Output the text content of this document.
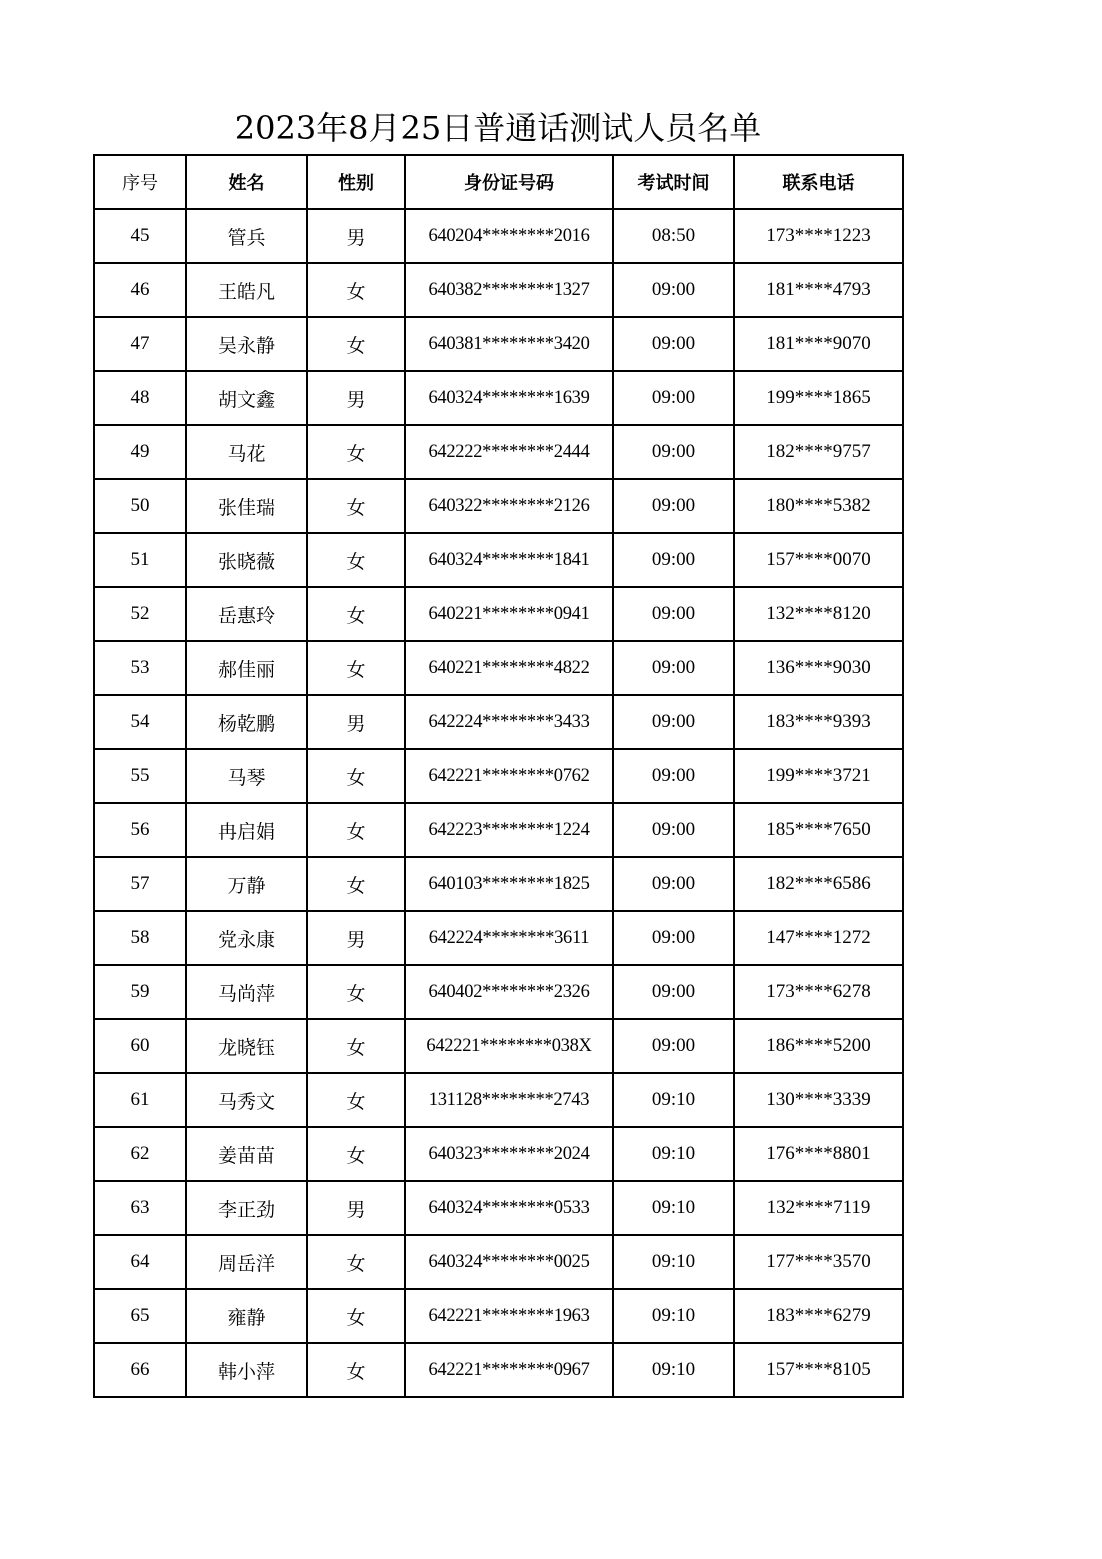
2023年8月25日普通话测试人员名单
序号	姓名	性别	身份证号码	考试时间	联系电话
45	管兵	男	640204********2016	08:50	173****1223
46	王皓凡	女	640382********1327	09:00	181****4793
47	吴永静	女	640381********3420	09:00	181****9070
48	胡文鑫	男	640324********1639	09:00	199****1865
49	马花	女	642222********2444	09:00	182****9757
50	张佳瑞	女	640322********2126	09:00	180****5382
51	张晓薇	女	640324********1841	09:00	157****0070
52	岳惠玲	女	640221********0941	09:00	132****8120
53	郝佳丽	女	640221********4822	09:00	136****9030
54	杨乾鹏	男	642224********3433	09:00	183****9393
55	马琴	女	642221********0762	09:00	199****3721
56	冉启娟	女	642223********1224	09:00	185****7650
57	万静	女	640103********1825	09:00	182****6586
58	党永康	男	642224********3611	09:00	147****1272
59	马尚萍	女	640402********2326	09:00	173****6278
60	龙晓钰	女	642221********038X	09:00	186****5200
61	马秀文	女	131128********2743	09:10	130****3339
62	姜苗苗	女	640323********2024	09:10	176****8801
63	李正劲	男	640324********0533	09:10	132****7119
64	周岳洋	女	640324********0025	09:10	177****3570
65	雍静	女	642221********1963	09:10	183****6279
66	韩小萍	女	642221********0967	09:10	157****8105
